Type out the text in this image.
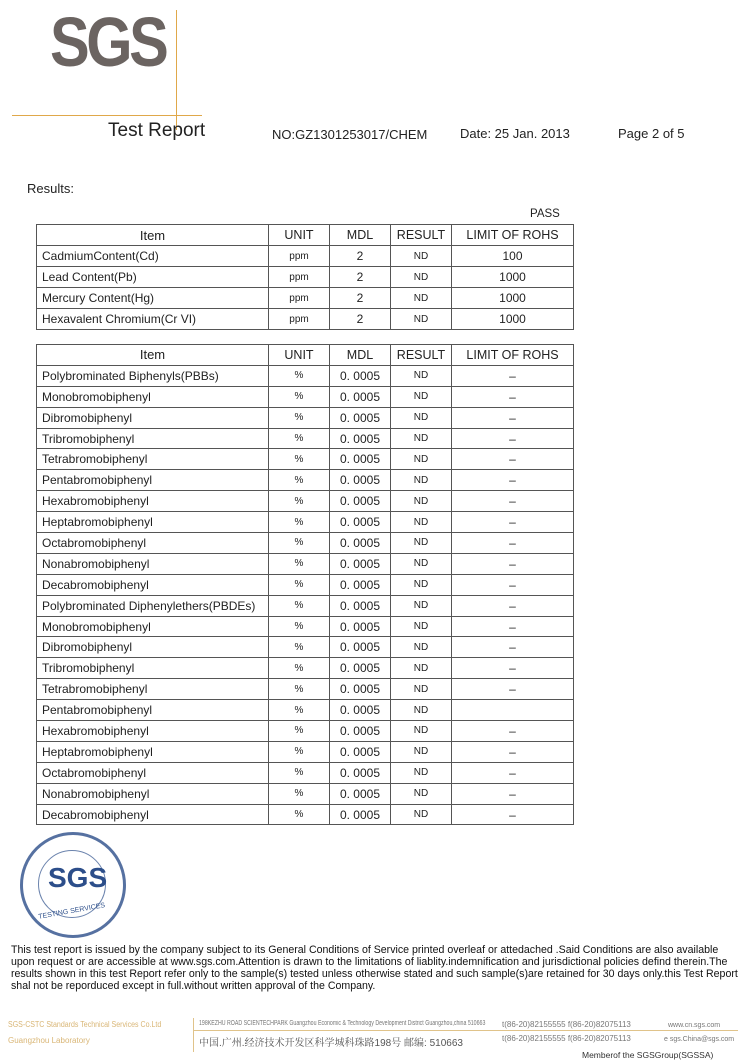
SGS
Test Report	NO:GZ1301253017/CHEM	Date: 25 Jan. 2013	Page 2 of 5
Results:
PASS
Item	UNIT	MDL	RESULT	LIMIT OF ROHS
CadmiumContent(Cd)	ppm	2	ND	100
Lead Content(Pb)	ppm	2	ND	1000
Mercury Content(Hg)	ppm	2	ND	1000
Hexavalent Chromium(Cr VI)	ppm	2	ND	1000
Item	UNIT	MDL	RESULT	LIMIT OF ROHS
Polybrominated Biphenyls(PBBs)	%	0. 0005	ND	–
Monobromobiphenyl	%	0. 0005	ND	–
Dibromobiphenyl	%	0. 0005	ND	–
Tribromobiphenyl	%	0. 0005	ND	–
Tetrabromobiphenyl	%	0. 0005	ND	–
Pentabromobiphenyl	%	0. 0005	ND	–
Hexabromobiphenyl	%	0. 0005	ND	–
Heptabromobiphenyl	%	0. 0005	ND	–
Octabromobiphenyl	%	0. 0005	ND	–
Nonabromobiphenyl	%	0. 0005	ND	–
Decabromobiphenyl	%	0. 0005	ND	–
Polybrominated Diphenylethers(PBDEs)	%	0. 0005	ND	–
Monobromobiphenyl	%	0. 0005	ND	–
Dibromobiphenyl	%	0. 0005	ND	–
Tribromobiphenyl	%	0. 0005	ND	–
Tetrabromobiphenyl	%	0. 0005	ND	–
Pentabromobiphenyl	%	0. 0005	ND	
Hexabromobiphenyl	%	0. 0005	ND	–
Heptabromobiphenyl	%	0. 0005	ND	–
Octabromobiphenyl	%	0. 0005	ND	–
Nonabromobiphenyl	%	0. 0005	ND	–
Decabromobiphenyl	%	0. 0005	ND	–
SGS
TESTING SERVICES
This test report is issued by the company subject to its General Conditions of Service printed overleaf or attedached .Said Conditions are also available upon request or are accessible at www.sgs.com.Attention is drawn to the limitations of liablity.indemnification and jurisdictional policies defind therein.The results shown in this test Report refer only to the sample(s) tested unless otherwise stated and such sample(s)are retained for 30 days only.this Test Report shal not be reporduced except in full.without written approval of the Company.
SGS-CSTC Standards Technical Services Co.Ltd
Guangzhou Laboratory
198KEZHU ROAD SCIENTECHPARK Guangzhou Economic & Technology Development District Guangzhou,china 510663
中国.广州.经济技术开发区科学城科珠路198号 邮编: 510663
t(86-20)82155555 f(86-20)82075113
t(86-20)82155555 f(86-20)82075113
www.cn.sgs.com
e sgs.China@sgs.com
Memberof the SGSGroup(SGSSA)
